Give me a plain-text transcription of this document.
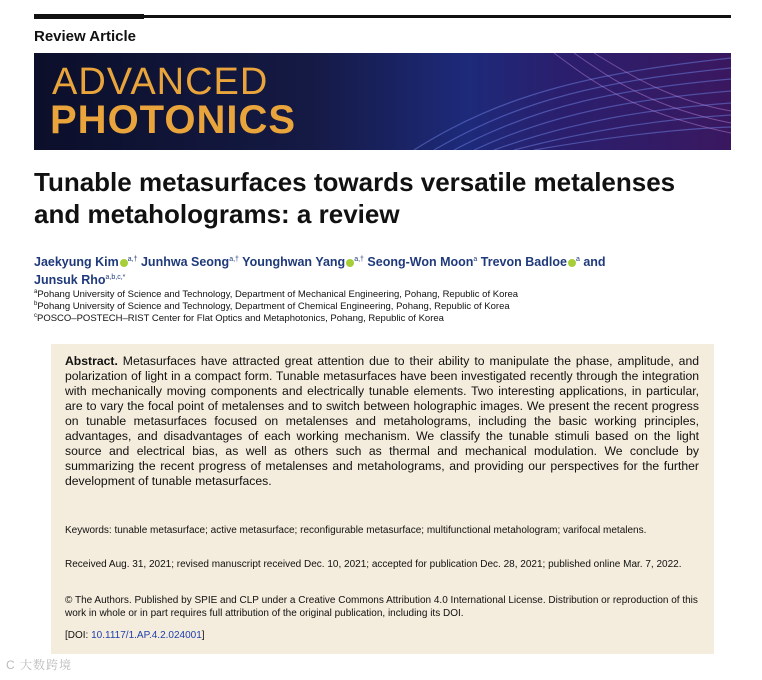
Review Article
ADVANCED
PHOTONICS
Tunable metasurfaces towards versatile metalenses and metaholograms: a review
Jaekyung Kim $^{a,\dagger}$ Junhwa Seong$^{a,\dagger}$ Younghwan Yang $^{a,\dagger}$ Seong-Won Moon$^a$ Trevon Badloe $^a$ and
Junsuk Rho$^{a,b,c,*}$
$^a$Pohang University of Science and Technology, Department of Mechanical Engineering, Pohang, Republic of Korea
$^b$Pohang University of Science and Technology, Department of Chemical Engineering, Pohang, Republic of Korea
$^c$POSCO–POSTECH–RIST Center for Flat Optics and Metaphotonics, Pohang, Republic of Korea
Abstract. Metasurfaces have attracted great attention due to their ability to manipulate the phase, amplitude, and polarization of light in a compact form. Tunable metasurfaces have been investigated recently through the integration with mechanically moving components and electrically tunable elements. Two interesting applications, in particular, are to vary the focal point of metalenses and to switch between holographic images. We present the recent progress on tunable metasurfaces focused on metalenses and metaholograms, including the basic working principles, advantages, and disadvantages of each working mechanism. We classify the tunable stimuli based on the light source and electrical bias, as well as others such as thermal and mechanical modulation. We conclude by summarizing the recent progress of metalenses and metaholograms, and providing our perspectives for the further development of tunable metasurfaces.
Keywords: tunable metasurface; active metasurface; reconfigurable metasurface; multifunctional metahologram; varifocal metalens.
Received Aug. 31, 2021; revised manuscript received Dec. 10, 2021; accepted for publication Dec. 28, 2021; published online Mar. 7, 2022.
© The Authors. Published by SPIE and CLP under a Creative Commons Attribution 4.0 International License. Distribution or reproduction of this work in whole or in part requires full attribution of the original publication, including its DOI.
[DOI: 10.1117/1.AP.4.2.024001]
C 大数跨境
